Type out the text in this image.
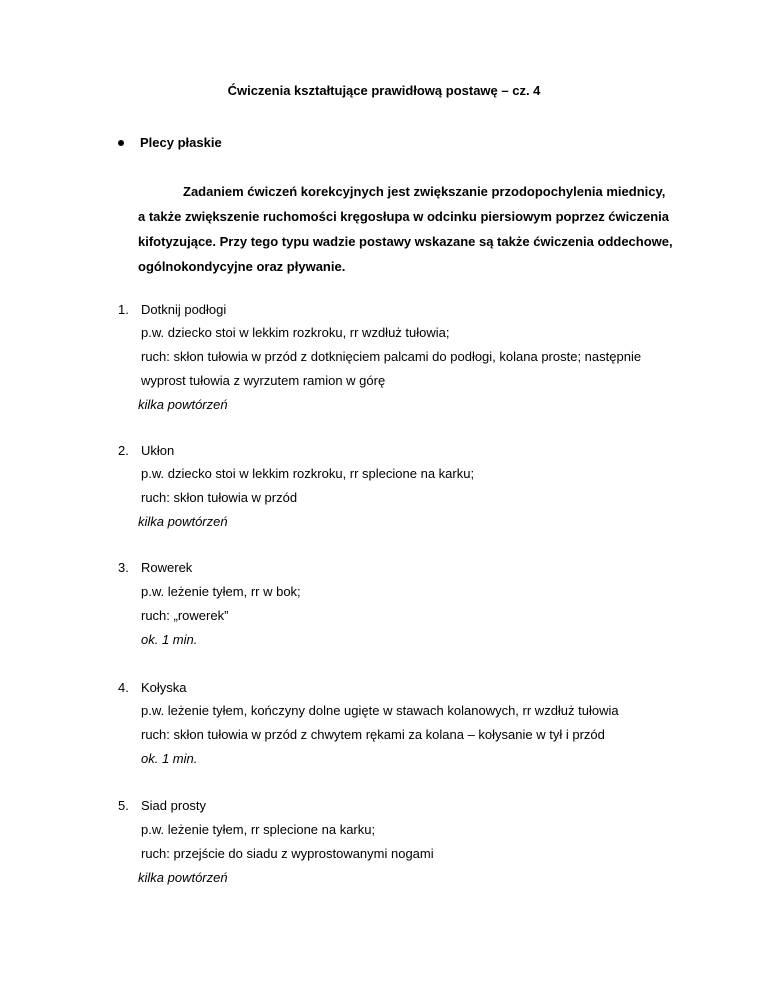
Ćwiczenia kształtujące prawidłową postawę – cz. 4
Plecy płaskie
Zadaniem ćwiczeń korekcyjnych jest zwiększanie przodopochylenia miednicy,
a także zwiększenie ruchomości kręgosłupa w odcinku piersiowym poprzez ćwiczenia
kifotyzujące. Przy tego typu wadzie postawy wskazane są także ćwiczenia oddechowe,
ogólnokondycyjne oraz pływanie.
1. Dotknij podłogi
p.w. dziecko stoi w lekkim rozkroku, rr wzdłuż tułowia;
ruch: skłon tułowia w przód z dotknięciem palcami do podłogi, kolana proste; następnie
wyprost tułowia z wyrzutem ramion w górę
kilka powtórzeń
2. Ukłon
p.w. dziecko stoi w lekkim rozkroku, rr splecione na karku;
ruch: skłon tułowia w przód
kilka powtórzeń
3. Rowerek
p.w. leżenie tyłem, rr w bok;
ruch: „rowerek”
ok. 1 min.
4. Kołyska
p.w. leżenie tyłem, kończyny dolne ugięte w stawach kolanowych, rr wzdłuż tułowia
ruch: skłon tułowia w przód z chwytem rękami za kolana – kołysanie w tył i przód
ok. 1 min.
5. Siad prosty
p.w. leżenie tyłem, rr splecione na karku;
ruch: przejście do siadu z wyprostowanymi nogami
kilka powtórzeń
